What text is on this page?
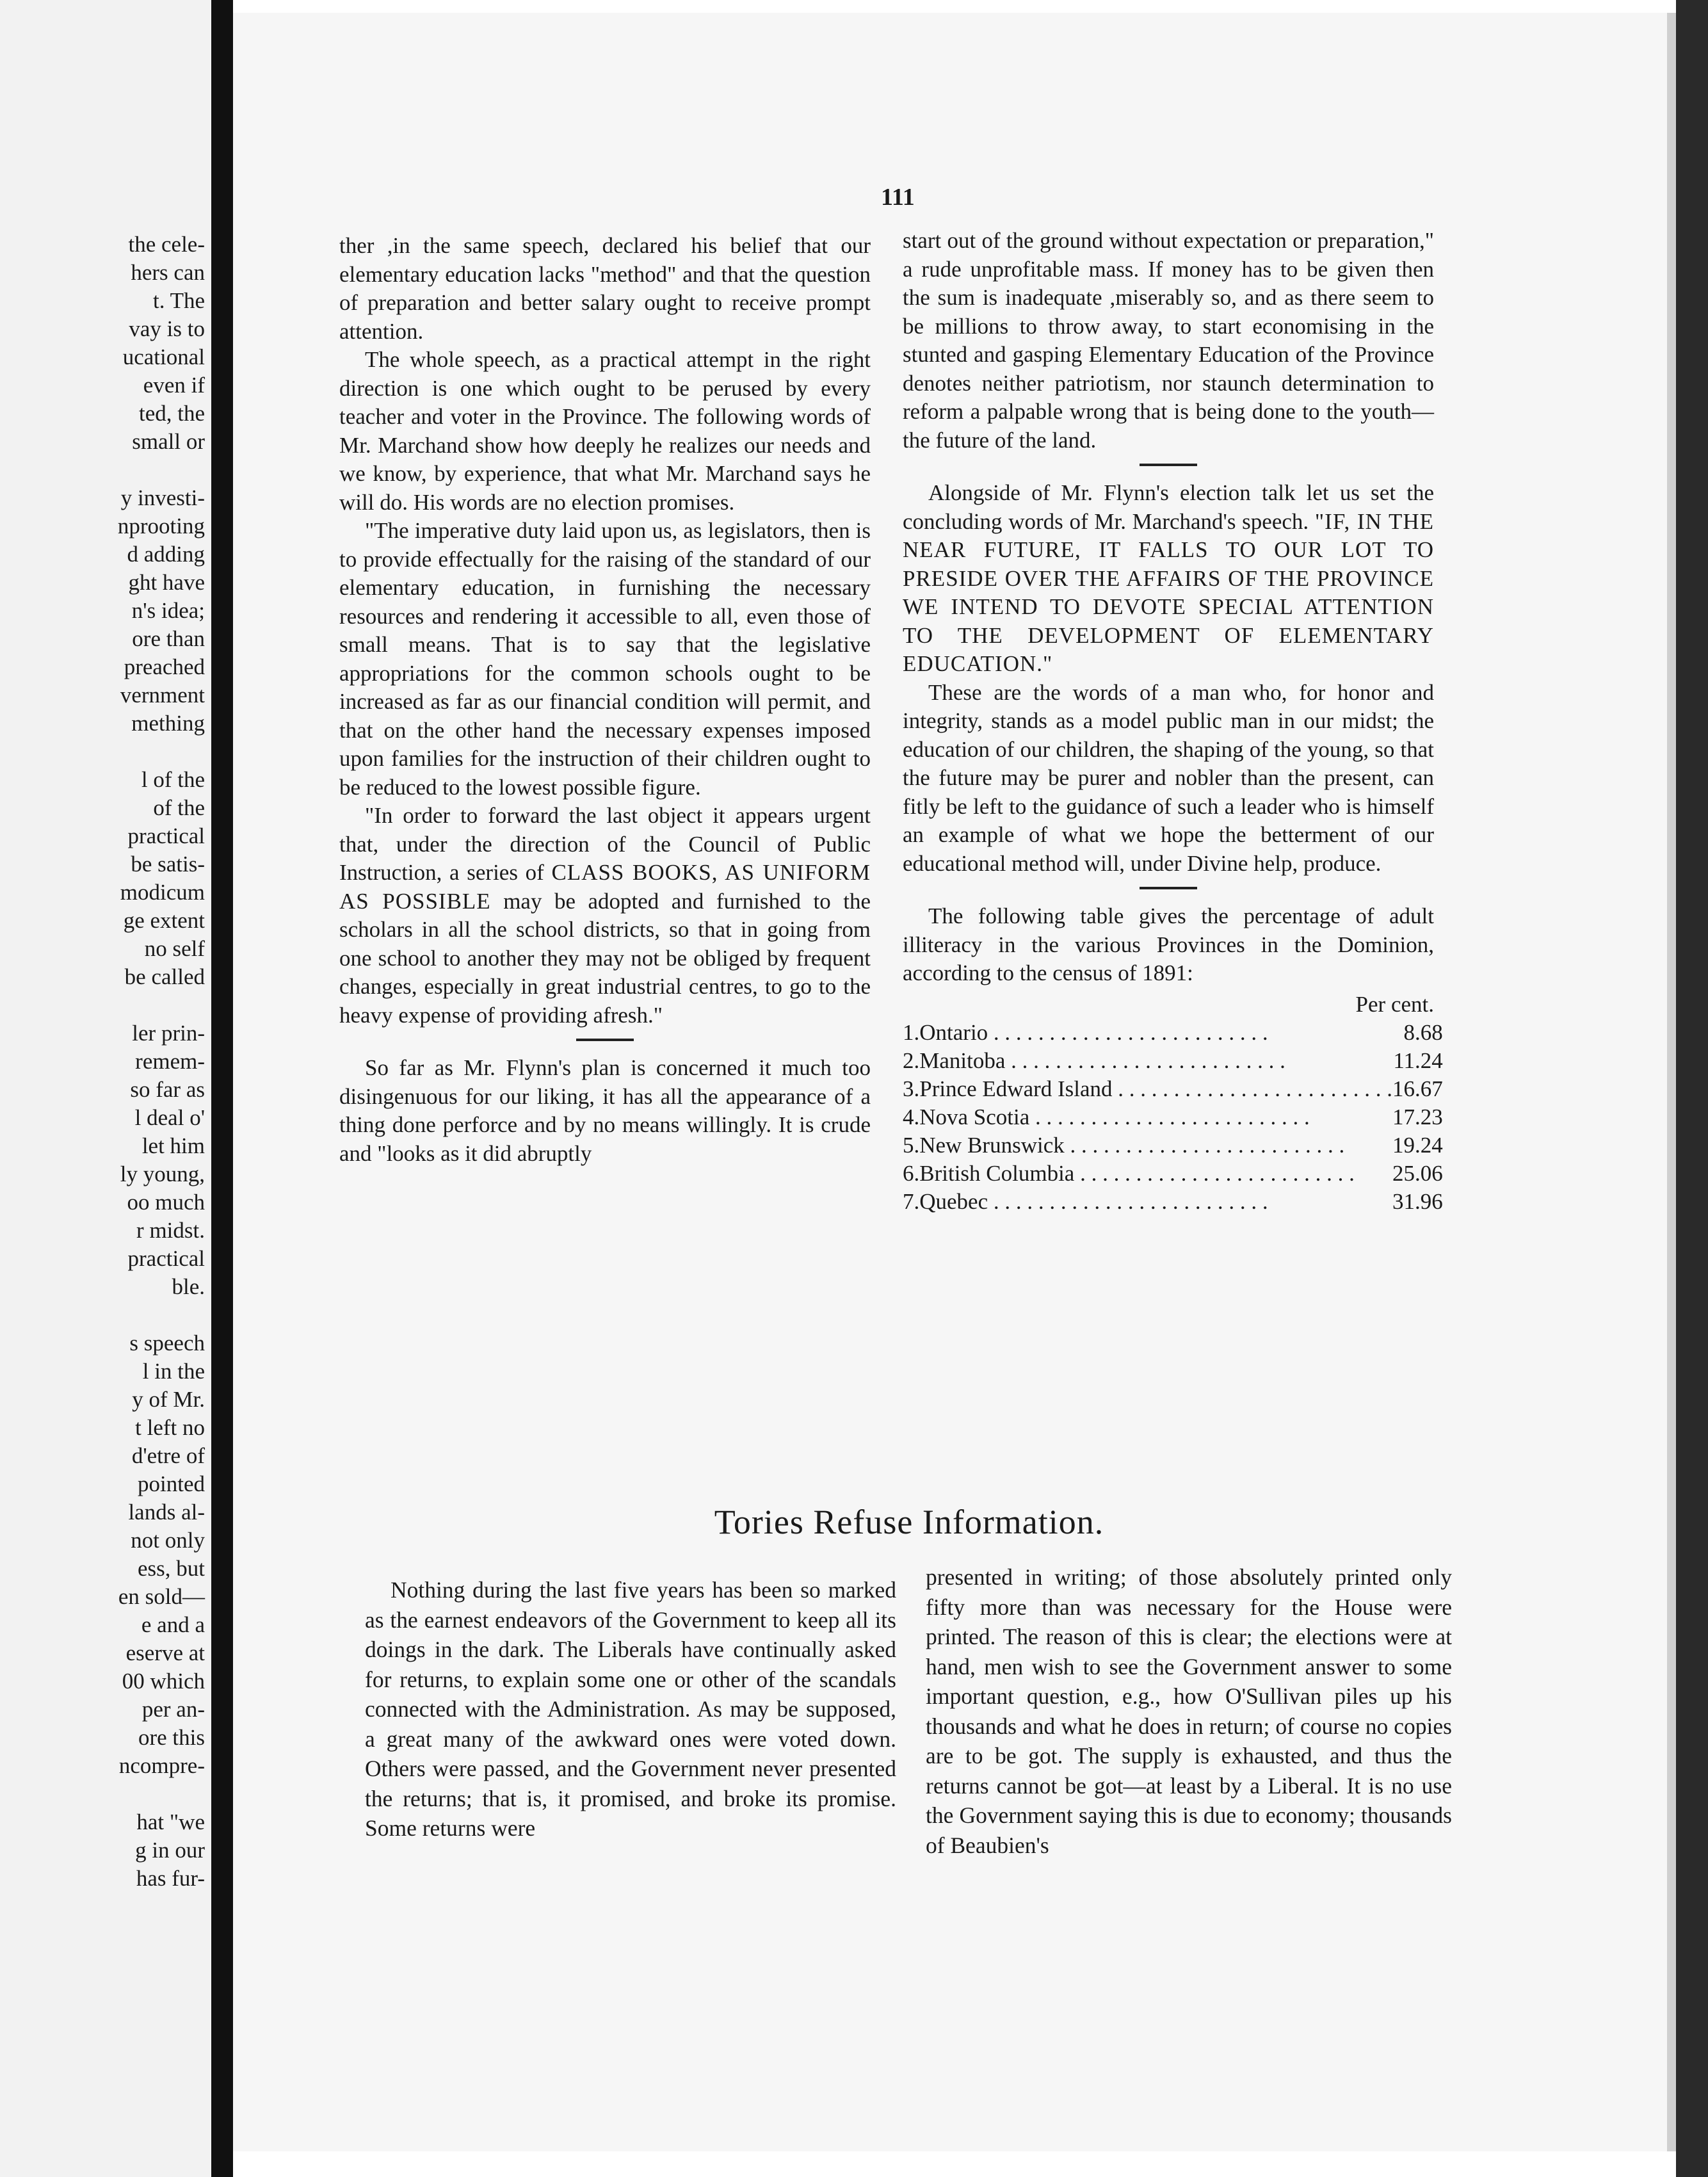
the cele-
hers can
t. The
vay is to
ucational
even if
ted, the
small or
y investi-
nprooting
d adding
ght have
n's idea;
ore than
preached
vernment
mething
l of the
of the
practical
be satis-
modicum
ge extent
no self
be called
ler prin-
remem-
so far as
l deal o'
let him
ly young,
oo much
r midst.
practical
ble.
s speech
l in the
y of Mr.
t left no
d'etre of
pointed
lands al-
not only
ess, but
en sold—
e and a
eserve at
00 which
per an-
ore this
ncompre-
hat "we
g in our
has fur-
111

ther ,in the same speech, declared his belief that our elementary education lacks "method" and that the question of preparation and better salary ought to receive prompt attention.

The whole speech, as a practical attempt in the right direction is one which ought to be perused by every teacher and voter in the Province. The following words of Mr. Marchand show how deeply he realizes our needs and we know, by experience, that what Mr. Marchand says he will do. His words are no election promises.

"The imperative duty laid upon us, as legislators, then is to provide effectually for the raising of the standard of our elementary education, in furnishing the necessary resources and rendering it accessible to all, even those of small means. That is to say that the legislative appropriations for the common schools ought to be increased as far as our financial condition will permit, and that on the other hand the necessary expenses imposed upon families for the instruction of their children ought to be reduced to the lowest possible figure.

"In order to forward the last object it appears urgent that, under the direction of the Council of Public Instruction, a series of CLASS BOOKS, AS UNIFORM AS POSSIBLE may be adopted and furnished to the scholars in all the school districts, so that in going from one school to another they may not be obliged by frequent changes, especially in great industrial centres, to go to the heavy expense of providing afresh."

So far as Mr. Flynn's plan is concerned it much too disingenuous for our liking, it has all the appearance of a thing done perforce and by no means willingly. It is crude and "looks as it did abruptly

start out of the ground without expectation or preparation," a rude unprofitable mass. If money has to be given then the sum is inadequate ,miserably so, and as there seem to be millions to throw away, to start economising in the stunted and gasping Elementary Education of the Province denotes neither patriotism, nor staunch determination to reform a palpable wrong that is being done to the youth—the future of the land.

Alongside of Mr. Flynn's election talk let us set the concluding words of Mr. Marchand's speech. "IF, IN THE NEAR FUTURE, IT FALLS TO OUR LOT TO PRESIDE OVER THE AFFAIRS OF THE PROVINCE WE INTEND TO DEVOTE SPECIAL ATTENTION TO THE DEVELOPMENT OF ELEMENTARY EDUCATION."

These are the words of a man who, for honor and integrity, stands as a model public man in our midst; the education of our children, the shaping of the young, so that the future may be purer and nobler than the present, can fitly be left to the guidance of such a leader who is himself an example of what we hope the betterment of our educational method will, under Divine help, produce.

The following table gives the percentage of adult illiteracy in the various Provinces in the Dominion, according to the census of 1891:

Per cent.
1.	Ontario . . .	8.68
2.	Manitoba . . .	11.24
3.	Prince Edward Island . . .	16.67
4.	Nova Scotia . . .	17.23
5.	New Brunswick . . .	19.24
6.	British Columbia . . .	25.06
7.	Quebec . . .	31.96
Tories Refuse Information.

Nothing during the last five years has been so marked as the earnest endeavors of the Government to keep all its doings in the dark. The Liberals have continually asked for returns, to explain some one or other of the scandals connected with the Administration. As may be supposed, a great many of the awkward ones were voted down. Others were passed, and the Government never presented the returns; that is, it promised, and broke its promise. Some returns were

presented in writing; of those absolutely printed only fifty more than was necessary for the House were printed. The reason of this is clear; the elections were at hand, men wish to see the Government answer to some important question, e.g., how O'Sullivan piles up his thousands and what he does in return; of course no copies are to be got. The supply is exhausted, and thus the returns cannot be got—at least by a Liberal. It is no use the Government saying this is due to economy; thousands of Beaubien's
